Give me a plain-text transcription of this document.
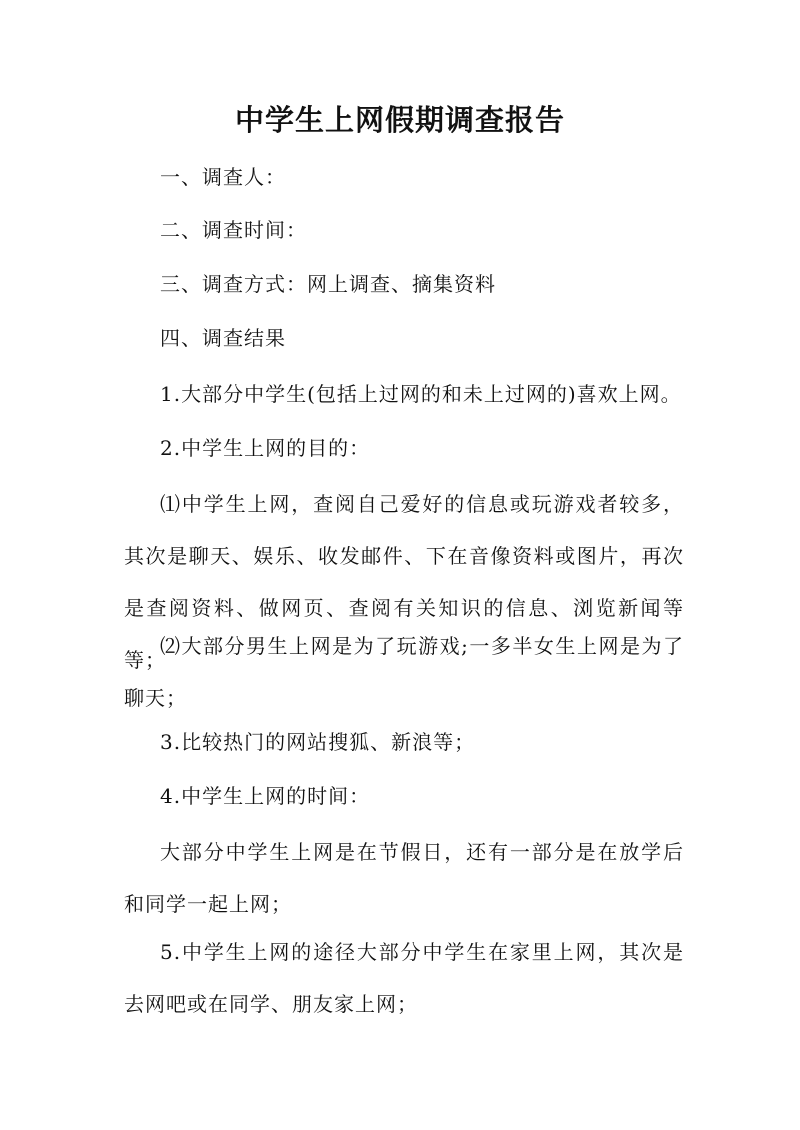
中学生上网假期调查报告
一、调查人：
二、调查时间：
三、调查方式：网上调查、摘集资料
四、调查结果
1.大部分中学生(包括上过网的和未上过网的)喜欢上网。
2.中学生上网的目的：
⑴中学生上网，查阅自己爱好的信息或玩游戏者较多，其次是聊天、娱乐、收发邮件、下在音像资料或图片，再次是查阅资料、做网页、查阅有关知识的信息、浏览新闻等等；
⑵大部分男生上网是为了玩游戏;一多半女生上网是为了聊天；
3.比较热门的网站搜狐、新浪等；
4.中学生上网的时间：
大部分中学生上网是在节假日，还有一部分是在放学后和同学一起上网；
5.中学生上网的途径大部分中学生在家里上网，其次是去网吧或在同学、朋友家上网；
